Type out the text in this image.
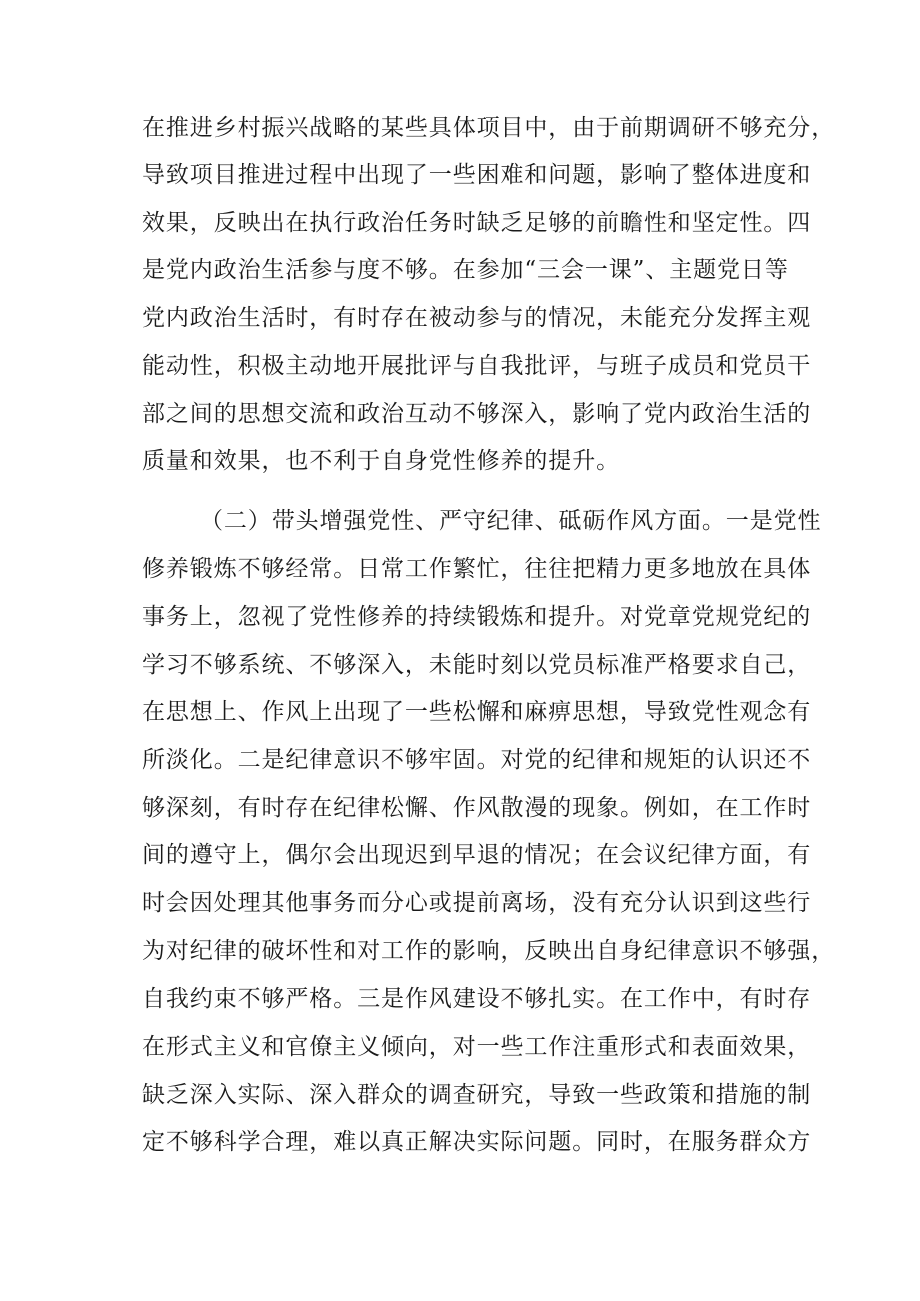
在推进乡村振兴战略的某些具体项目中，由于前期调研不够充分，
导致项目推进过程中出现了一些困难和问题，影响了整体进度和
效果，反映出在执行政治任务时缺乏足够的前瞻性和坚定性。四
是党内政治生活参与度不够。在参加“三会一课”、主题党日等
党内政治生活时，有时存在被动参与的情况，未能充分发挥主观
能动性，积极主动地开展批评与自我批评，与班子成员和党员干
部之间的思想交流和政治互动不够深入，影响了党内政治生活的
质量和效果，也不利于自身党性修养的提升。
（二）带头增强党性、严守纪律、砥砺作风方面。一是党性
修养锻炼不够经常。日常工作繁忙，往往把精力更多地放在具体
事务上，忽视了党性修养的持续锻炼和提升。对党章党规党纪的
学习不够系统、不够深入，未能时刻以党员标准严格要求自己，
在思想上、作风上出现了一些松懈和麻痹思想，导致党性观念有
所淡化。二是纪律意识不够牢固。对党的纪律和规矩的认识还不
够深刻，有时存在纪律松懈、作风散漫的现象。例如，在工作时
间的遵守上，偶尔会出现迟到早退的情况；在会议纪律方面，有
时会因处理其他事务而分心或提前离场，没有充分认识到这些行
为对纪律的破坏性和对工作的影响，反映出自身纪律意识不够强，
自我约束不够严格。三是作风建设不够扎实。在工作中，有时存
在形式主义和官僚主义倾向，对一些工作注重形式和表面效果，
缺乏深入实际、深入群众的调查研究，导致一些政策和措施的制
定不够科学合理，难以真正解决实际问题。同时，在服务群众方
